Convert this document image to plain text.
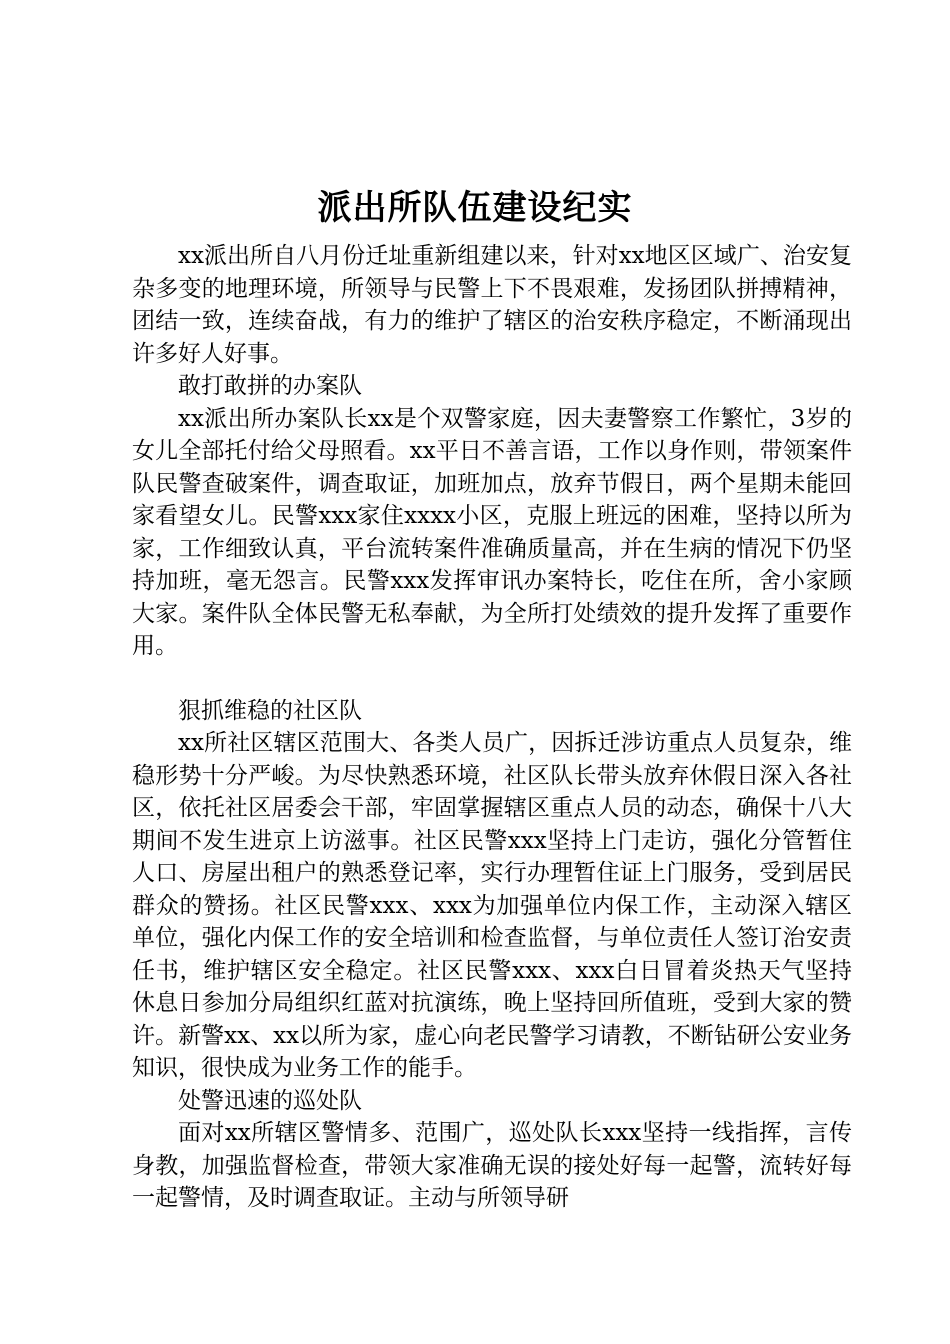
派出所队伍建设纪实

xx派出所自八月份迁址重新组建以来，针对xx地区区域广、治安复杂多变的地理环境，所领导与民警上下不畏艰难，发扬团队拼搏精神，团结一致，连续奋战，有力的维护了辖区的治安秩序稳定，不断涌现出许多好人好事。

敢打敢拼的办案队

xx派出所办案队长xx是个双警家庭，因夫妻警察工作繁忙，3岁的女儿全部托付给父母照看。xx平日不善言语，工作以身作则，带领案件队民警查破案件，调查取证，加班加点，放弃节假日，两个星期未能回家看望女儿。民警xxx家住xxxx小区，克服上班远的困难，坚持以所为家，工作细致认真，平台流转案件准确质量高，并在生病的情况下仍坚持加班，毫无怨言。民警xxx发挥审讯办案特长，吃住在所，舍小家顾大家。案件队全体民警无私奉献，为全所打处绩效的提升发挥了重要作用。

狠抓维稳的社区队

xx所社区辖区范围大、各类人员广，因拆迁涉访重点人员复杂，维稳形势十分严峻。为尽快熟悉环境，社区队长带头放弃休假日深入各社区，依托社区居委会干部，牢固掌握辖区重点人员的动态，确保十八大期间不发生进京上访滋事。社区民警xxx坚持上门走访，强化分管暂住人口、房屋出租户的熟悉登记率，实行办理暂住证上门服务，受到居民群众的赞扬。社区民警xxx、xxx为加强单位内保工作，主动深入辖区单位，强化内保工作的安全培训和检查监督，与单位责任人签订治安责任书，维护辖区安全稳定。社区民警xxx、xxx白日冒着炎热天气坚持休息日参加分局组织红蓝对抗演练，晚上坚持回所值班，受到大家的赞许。新警xx、xx以所为家，虚心向老民警学习请教，不断钻研公安业务知识，很快成为业务工作的能手。

处警迅速的巡处队

面对xx所辖区警情多、范围广，巡处队长xxx坚持一线指挥，言传身教，加强监督检查，带领大家准确无误的接处好每一起警，流转好每一起警情，及时调查取证。主动与所领导研
